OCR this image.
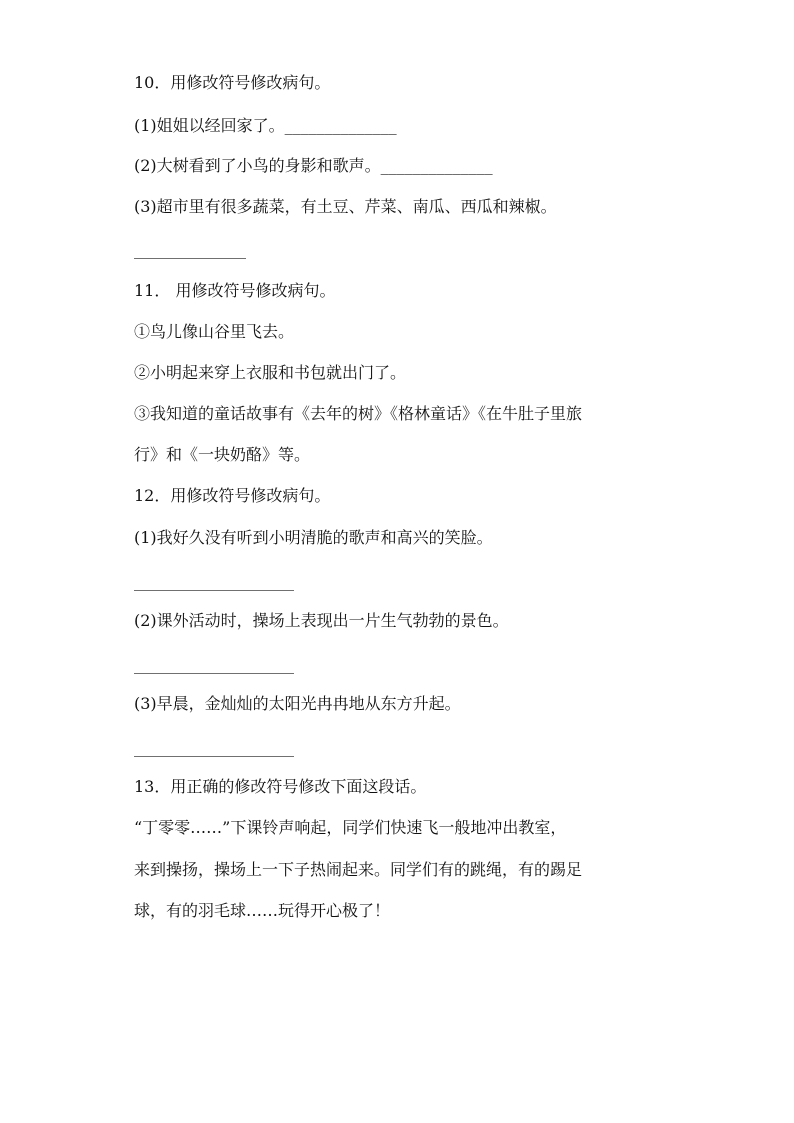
10．用修改符号修改病句。
(1)姐姐以经回家了。______________
(2)大树看到了小鸟的身影和歌声。______________
(3)超市里有很多蔬菜，有土豆、芹菜、南瓜、西瓜和辣椒。
______________
11． 用修改符号修改病句。
①鸟儿像山谷里飞去。
②小明起来穿上衣服和书包就出门了。
③我知道的童话故事有《去年的树》《格林童话》《在牛肚子里旅
行》和《一块奶酪》等。
12．用修改符号修改病句。
(1)我好久没有听到小明清脆的歌声和高兴的笑脸。
____________________
(2)课外活动时，操场上表现出一片生气勃勃的景色。
____________________
(3)早晨，金灿灿的太阳光冉冉地从东方升起。
____________________
13．用正确的修改符号修改下面这段话。
“丁零零……”下课铃声响起，同学们快速飞一般地冲出教室，
来到操扬，操场上一下子热闹起来。同学们有的跳绳，有的踢足
球，有的羽毛球……玩得开心极了！
